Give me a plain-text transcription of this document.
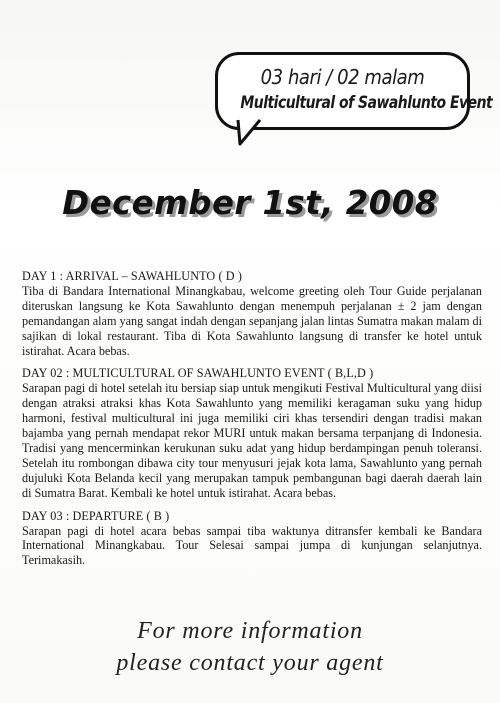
03 hari / 02 malam
Multicultural of Sawahlunto Event
December 1st, 2008
DAY 1 : ARRIVAL – SAWAHLUNTO ( D )
Tiba di Bandara International Minangkabau, welcome greeting oleh Tour Guide perjalanan diteruskan langsung ke Kota Sawahlunto dengan menempuh perjalanan ± 2 jam dengan pemandangan alam yang sangat indah dengan sepanjang jalan lintas Sumatra makan malam di sajikan di lokal restaurant. Tiba di Kota Sawahlunto langsung di transfer ke hotel untuk istirahat. Acara bebas.
DAY 02 : MULTICULTURAL OF SAWAHLUNTO EVENT ( B,L,D )
Sarapan pagi di hotel setelah itu bersiap siap untuk mengikuti Festival Multicultural yang diisi dengan atraksi atraksi khas Kota Sawahlunto yang memiliki keragaman suku yang hidup harmoni, festival multicultural ini juga memiliki ciri khas tersendiri dengan tradisi makan bajamba yang pernah mendapat rekor MURI untuk makan bersama terpanjang di Indonesia. Tradisi yang mencerminkan kerukunan suku adat yang hidup berdampingan penuh toleransi. Setelah itu rombongan dibawa city tour menyusuri jejak kota lama, Sawahlunto yang pernah dujuluki Kota Belanda kecil yang merupakan tampuk pembangunan bagi daerah daerah lain di Sumatra Barat. Kembali ke hotel untuk istirahat. Acara bebas.
DAY 03 : DEPARTURE ( B )
Sarapan pagi di hotel acara bebas sampai tiba waktunya ditransfer kembali ke Bandara International Minangkabau. Tour Selesai sampai jumpa di kunjungan selanjutnya. Terimakasih.
For more information
please contact your agent
